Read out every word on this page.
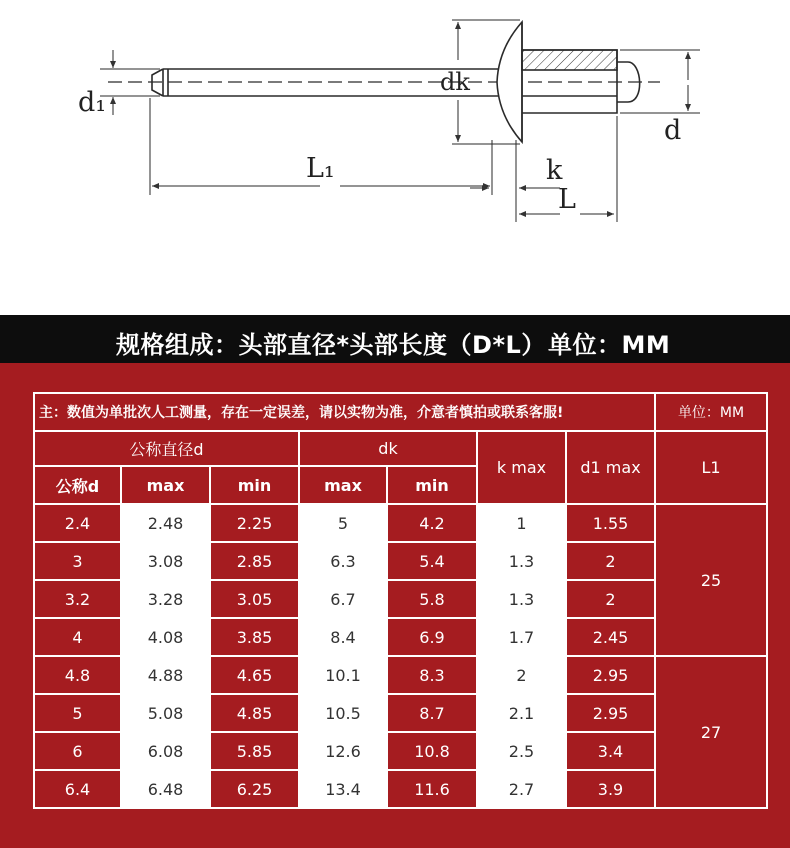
d₁
dk
L₁	k
L
d
规格组成：头部直径*头部长度（D*L） 单位：MM
主：数值为单批次人工测量，存在一定误差，请以实物为准，介意者慎拍或联系客服!							单位：MM
公称直径d			dk		k max	d1 max	L1
公称d	max	min	max	min			
2.4	2.48	2.25	5	4.2	1	1.55	25
3	3.08	2.85	6.3	5.4	1.3	2	
3.2	3.28	3.05	6.7	5.8	1.3	2	
4	4.08	3.85	8.4	6.9	1.7	2.45	
4.8	4.88	4.65	10.1	8.3	2	2.95	27
5	5.08	4.85	10.5	8.7	2.1	2.95	
6	6.08	5.85	12.6	10.8	2.5	3.4	
6.4	6.48	6.25	13.4	11.6	2.7	3.9	
